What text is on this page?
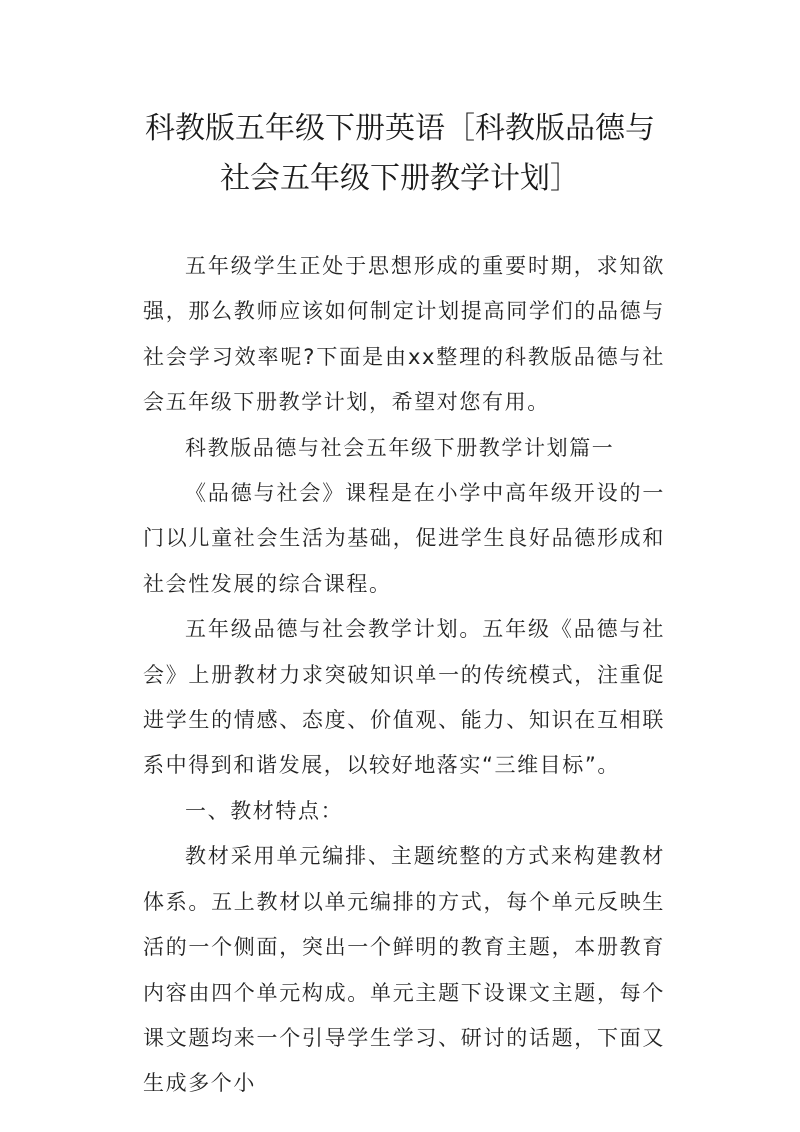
科教版五年级下册英语［科教版品德与
社会五年级下册教学计划］

五年级学生正处于思想形成的重要时期，求知欲强，那么教师应该如何制定计划提高同学们的品德与社会学习效率呢?下面是由xx整理的科教版品德与社会五年级下册教学计划，希望对您有用。

科教版品德与社会五年级下册教学计划篇一

《品德与社会》课程是在小学中高年级开设的一门以儿童社会生活为基础，促进学生良好品德形成和社会性发展的综合课程。

五年级品德与社会教学计划。五年级《品德与社会》上册教材力求突破知识单一的传统模式，注重促进学生的情感、态度、价值观、能力、知识在互相联系中得到和谐发展，以较好地落实“三维目标”。

一、教材特点：

教材采用单元编排、主题统整的方式来构建教材体系。五上教材以单元编排的方式，每个单元反映生活的一个侧面，突出一个鲜明的教育主题，本册教育内容由四个单元构成。单元主题下设课文主题，每个课文题均来一个引导学生学习、研讨的话题，下面又生成多个小
